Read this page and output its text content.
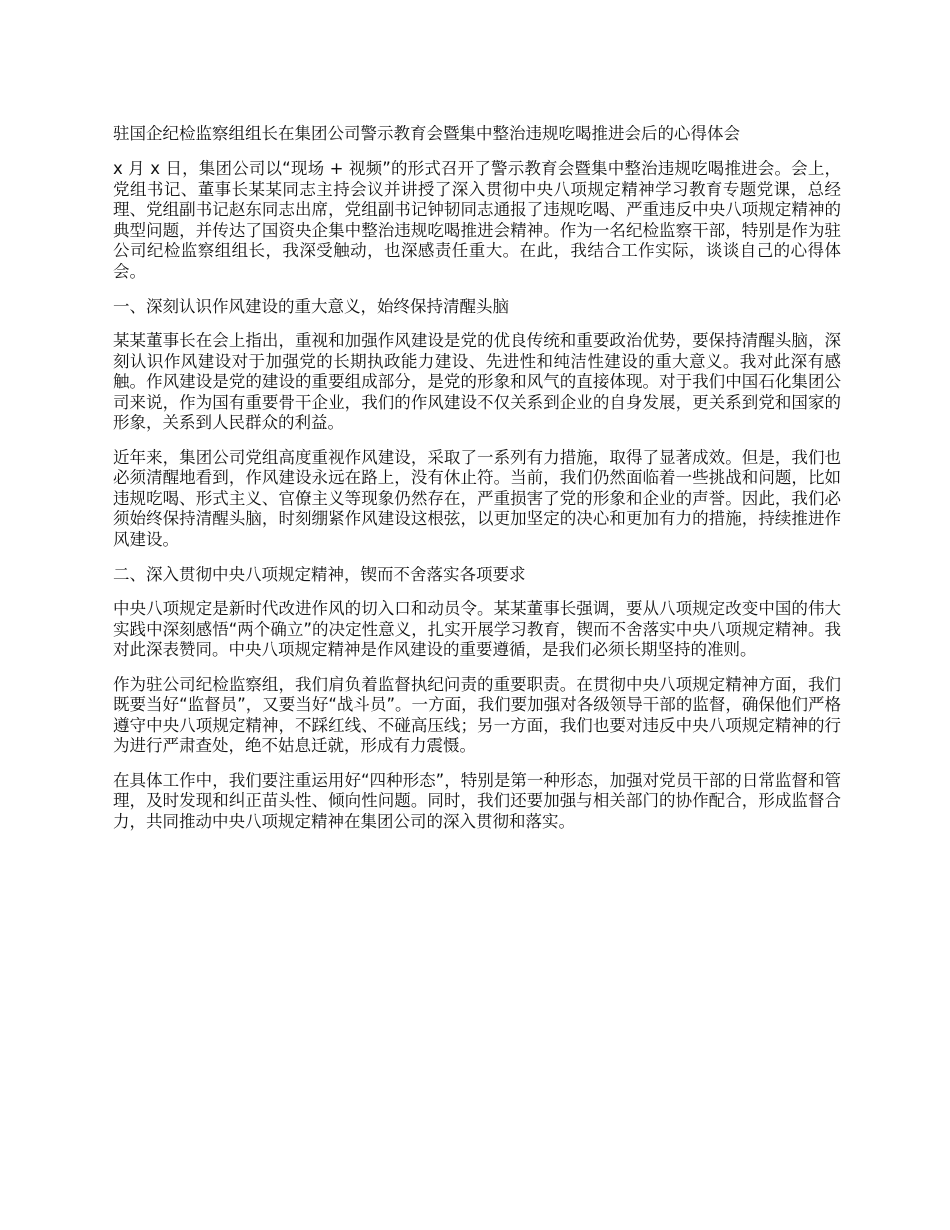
驻国企纪检监察组组长在集团公司警示教育会暨集中整治违规吃喝推进会后的心得体会

x 月 x 日，集团公司以“现场 + 视频”的形式召开了警示教育会暨集中整治违规吃喝推进会。会上，党组书记、董事长某某同志主持会议并讲授了深入贯彻中央八项规定精神学习教育专题党课，总经理、党组副书记赵东同志出席，党组副书记钟韧同志通报了违规吃喝、严重违反中央八项规定精神的典型问题，并传达了国资央企集中整治违规吃喝推进会精神。作为一名纪检监察干部，特别是作为驻公司纪检监察组组长，我深受触动，也深感责任重大。在此，我结合工作实际，谈谈自己的心得体会。

一、深刻认识作风建设的重大意义，始终保持清醒头脑

某某董事长在会上指出，重视和加强作风建设是党的优良传统和重要政治优势，要保持清醒头脑，深刻认识作风建设对于加强党的长期执政能力建设、先进性和纯洁性建设的重大意义。我对此深有感触。作风建设是党的建设的重要组成部分，是党的形象和风气的直接体现。对于我们中国石化集团公司来说，作为国有重要骨干企业，我们的作风建设不仅关系到企业的自身发展，更关系到党和国家的形象，关系到人民群众的利益。

近年来，集团公司党组高度重视作风建设，采取了一系列有力措施，取得了显著成效。但是，我们也必须清醒地看到，作风建设永远在路上，没有休止符。当前，我们仍然面临着一些挑战和问题，比如违规吃喝、形式主义、官僚主义等现象仍然存在，严重损害了党的形象和企业的声誉。因此，我们必须始终保持清醒头脑，时刻绷紧作风建设这根弦，以更加坚定的决心和更加有力的措施，持续推进作风建设。

二、深入贯彻中央八项规定精神，锲而不舍落实各项要求

中央八项规定是新时代改进作风的切入口和动员令。某某董事长强调，要从八项规定改变中国的伟大实践中深刻感悟“两个确立”的决定性意义，扎实开展学习教育，锲而不舍落实中央八项规定精神。我对此深表赞同。中央八项规定精神是作风建设的重要遵循，是我们必须长期坚持的准则。

作为驻公司纪检监察组，我们肩负着监督执纪问责的重要职责。在贯彻中央八项规定精神方面，我们既要当好“监督员”，又要当好“战斗员”。一方面，我们要加强对各级领导干部的监督，确保他们严格遵守中央八项规定精神，不踩红线、不碰高压线；另一方面，我们也要对违反中央八项规定精神的行为进行严肃查处，绝不姑息迁就，形成有力震慑。

在具体工作中，我们要注重运用好“四种形态”，特别是第一种形态，加强对党员干部的日常监督和管理，及时发现和纠正苗头性、倾向性问题。同时，我们还要加强与相关部门的协作配合，形成监督合力，共同推动中央八项规定精神在集团公司的深入贯彻和落实。
